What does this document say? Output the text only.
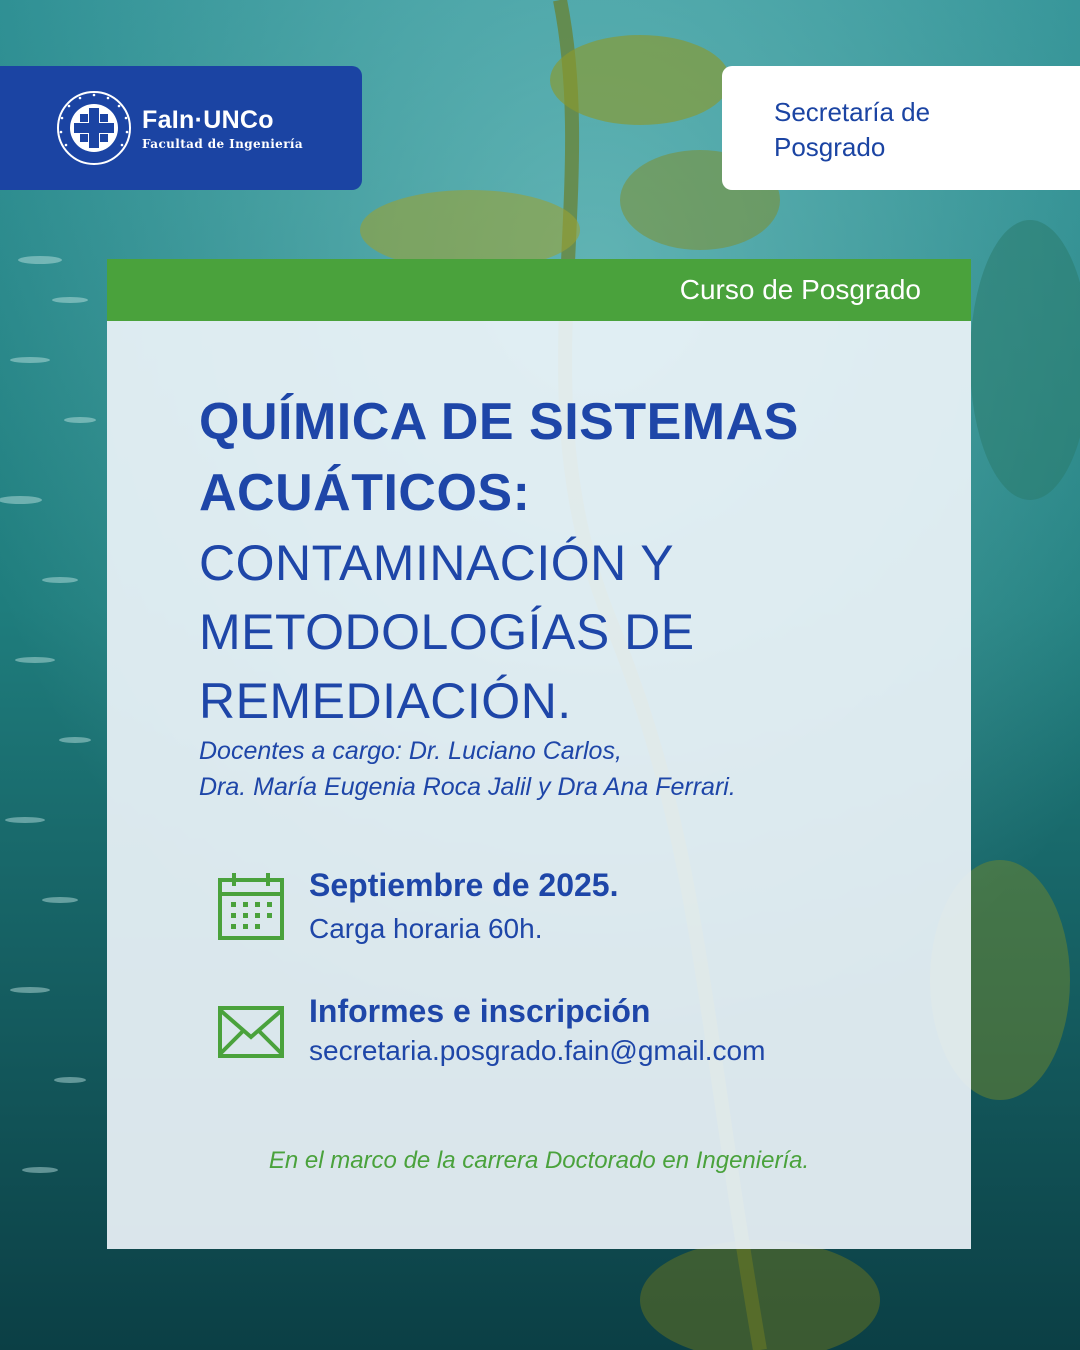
FaIn·UNCo
Facultad de Ingeniería
Secretaría de
Posgrado
Curso de Posgrado
QUÍMICA DE SISTEMAS
ACUÁTICOS:
CONTAMINACIÓN Y
METODOLOGÍAS DE
REMEDIACIÓN.
Docentes a cargo: Dr. Luciano Carlos,
Dra. María Eugenia Roca Jalil y Dra Ana Ferrari.
Septiembre de 2025.
Carga horaria 60h.
Informes e inscripción
secretaria.posgrado.fain@gmail.com
En el marco de la carrera Doctorado en Ingeniería.
